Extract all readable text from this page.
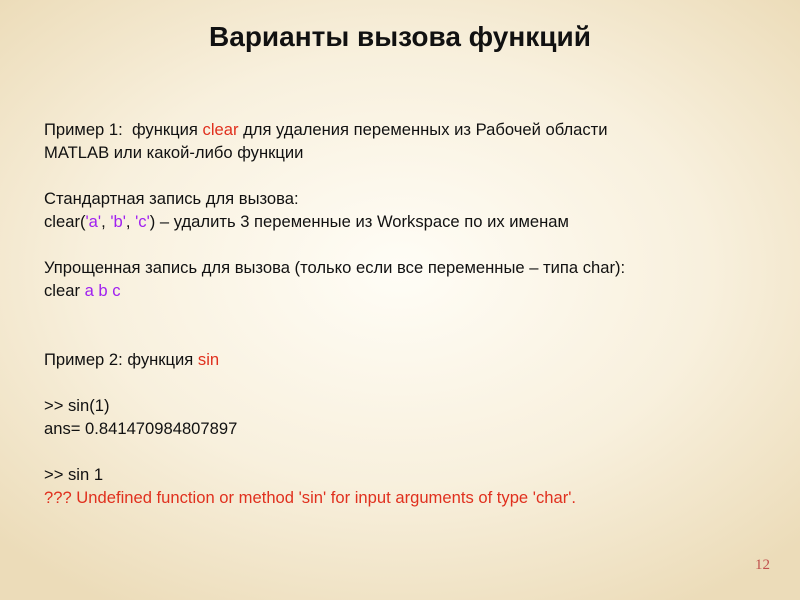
Варианты вызова функций
Пример 1:  функция clear для удаления переменных из Рабочей области
MATLAB или какой-либо функции
Стандартная запись для вызова:
clear('a', 'b', 'c') – удалить 3 переменные из Workspace по их именам
Упрощенная запись для вызова (только если все переменные – типа char):
clear a b c
Пример 2: функция sin
>> sin(1)
ans= 0.841470984807897
>> sin 1
??? Undefined function or method 'sin' for input arguments of type 'char'.
12
